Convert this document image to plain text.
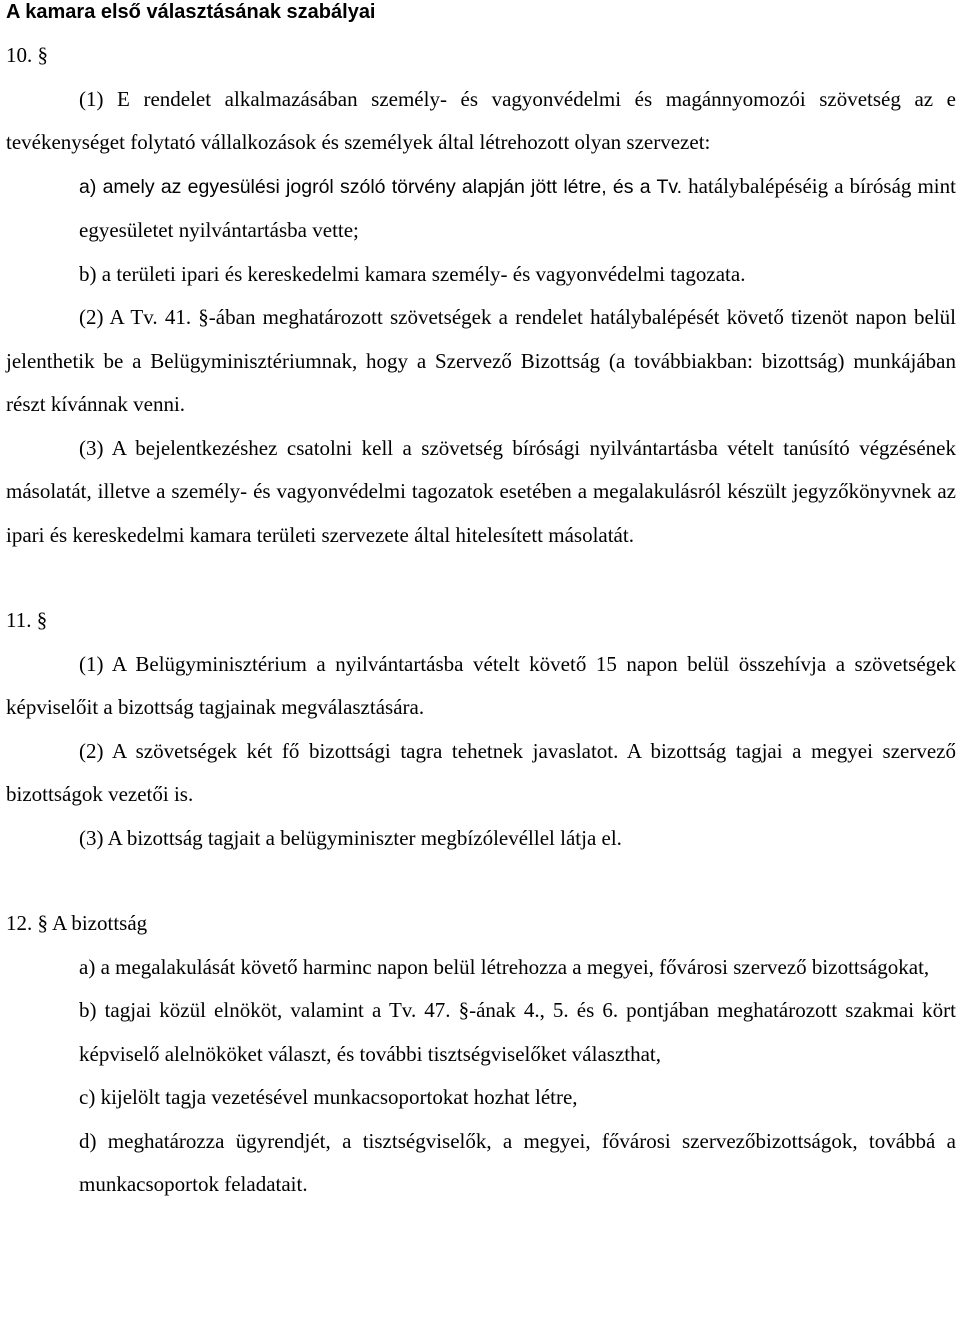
A kamara első választásának szabályai

10. §

(1) E rendelet alkalmazásában személy- és vagyonvédelmi és magánnyomozói szövetség az e tevékenységet folytató vállalkozások és személyek által létrehozott olyan szervezet:

a) amely az egyesülési jogról szóló törvény alapján jött létre, és a Tv. hatálybalépéséig a bíróság mint egyesületet nyilvántartásba vette;

b) a területi ipari és kereskedelmi kamara személy- és vagyonvédelmi tagozata.

(2) A Tv. 41. §-ában meghatározott szövetségek a rendelet hatálybalépését követő tizenöt napon belül jelenthetik be a Belügyminisztériumnak, hogy a Szervező Bizottság (a továbbiakban: bizottság) munkájában részt kívánnak venni.

(3) A bejelentkezéshez csatolni kell a szövetség bírósági nyilvántartásba vételt tanúsító végzésének másolatát, illetve a személy- és vagyonvédelmi tagozatok esetében a megalakulásról készült jegyzőkönyvnek az ipari és kereskedelmi kamara területi szervezete által hitelesített másolatát.

11. §

(1) A Belügyminisztérium a nyilvántartásba vételt követő 15 napon belül összehívja a szövetségek képviselőit a bizottság tagjainak megválasztására.

(2) A szövetségek két fő bizottsági tagra tehetnek javaslatot. A bizottság tagjai a megyei szervező bizottságok vezetői is.

(3) A bizottság tagjait a belügyminiszter megbízólevéllel látja el.

12. § A bizottság

a) a megalakulását követő harminc napon belül létrehozza a megyei, fővárosi szervező bizottságokat,

b) tagjai közül elnököt, valamint a Tv. 47. §-ának 4., 5. és 6. pontjában meghatározott szakmai kört képviselő alelnököket választ, és további tisztségviselőket választhat,

c) kijelölt tagja vezetésével munkacsoportokat hozhat létre,

d) meghatározza ügyrendjét, a tisztségviselők, a megyei, fővárosi szervezőbizottságok, továbbá a munkacsoportok feladatait.
